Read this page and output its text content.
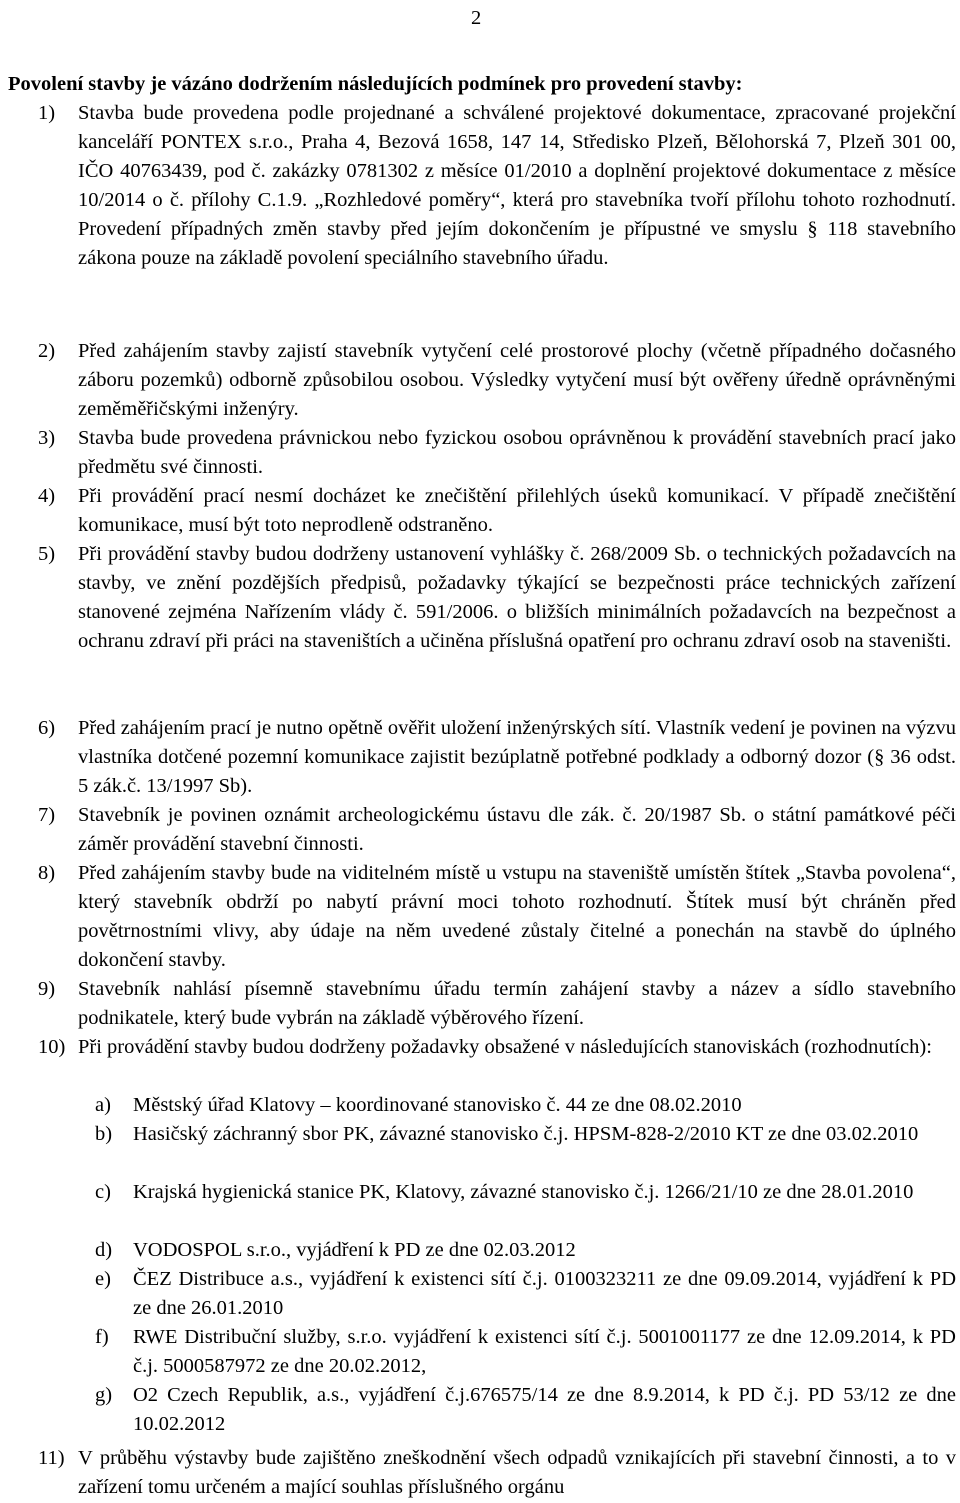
2
Povolení stavby je vázáno dodržením následujících podmínek pro provedení stavby:
1) Stavba bude provedena podle projednané a schválené projektové dokumentace, zpracované projekční kanceláří PONTEX s.r.o., Praha 4, Bezová 1658, 147 14, Středisko Plzeň, Bělohorská 7, Plzeň 301 00, IČO 40763439, pod č. zakázky 0781302 z měsíce 01/2010 a doplnění projektové dokumentace z měsíce 10/2014 o č. přílohy C.1.9. „Rozhledové poměry“, která pro stavebníka tvoří přílohu tohoto rozhodnutí. Provedení případných změn stavby před jejím dokončením je přípustné ve smyslu § 118 stavebního zákona pouze na základě povolení speciálního stavebního úřadu.
2) Před zahájením stavby zajistí stavebník vytyčení celé prostorové plochy (včetně případného dočasného záboru pozemků) odborně způsobilou osobou. Výsledky vytyčení musí být ověřeny úředně oprávněnými zeměměřičskými inženýry.
3) Stavba bude provedena právnickou nebo fyzickou osobou oprávněnou k provádění stavebních prací jako předmětu své činnosti.
4) Při provádění prací nesmí docházet ke znečištění přilehlých úseků komunikací. V případě znečištění komunikace, musí být toto neprodleně odstraněno.
5) Při provádění stavby budou dodrženy ustanovení vyhlášky č. 268/2009 Sb. o technických požadavcích na stavby, ve znění pozdějších předpisů, požadavky týkající se bezpečnosti práce technických zařízení stanovené zejména Nařízením vlády č. 591/2006. o bližších minimálních požadavcích na bezpečnost a ochranu zdraví při práci na staveništích a učiněna příslušná opatření pro ochranu zdraví osob na staveništi.
6) Před zahájením prací je nutno opětně ověřit uložení inženýrských sítí. Vlastník vedení je povinen na výzvu vlastníka dotčené pozemní komunikace zajistit bezúplatně potřebné podklady a odborný dozor (§ 36 odst. 5 zák.č. 13/1997 Sb).
7) Stavebník je povinen oznámit archeologickému ústavu dle zák. č. 20/1987 Sb. o státní památkové péči záměr provádění stavební činnosti.
8) Před zahájením stavby bude na viditelném místě u vstupu na staveniště umístěn štítek „Stavba povolena“, který stavebník obdrží po nabytí právní moci tohoto rozhodnutí. Štítek musí být chráněn před povětrnostními vlivy, aby údaje na něm uvedené zůstaly čitelné a ponechán na stavbě do úplného dokončení stavby.
9) Stavebník nahlásí písemně stavebnímu úřadu termín zahájení stavby a název a sídlo stavebního podnikatele, který bude vybrán na základě výběrového řízení.
10) Při provádění stavby budou dodrženy požadavky obsažené v následujících stanoviskách (rozhodnutích):
a) Městský úřad Klatovy – koordinované stanovisko č. 44 ze dne 08.02.2010
b) Hasičský záchranný sbor PK, závazné stanovisko č.j. HPSM-828-2/2010 KT ze dne 03.02.2010
c) Krajská hygienická stanice PK, Klatovy, závazné stanovisko č.j. 1266/21/10 ze dne 28.01.2010
d) VODOSPOL s.r.o., vyjádření k PD ze dne 02.03.2012
e) ČEZ Distribuce a.s., vyjádření k existenci sítí č.j. 0100323211 ze dne 09.09.2014, vyjádření k PD ze dne 26.01.2010
f) RWE Distribuční služby, s.r.o. vyjádření k existenci sítí č.j. 5001001177 ze dne 12.09.2014, k PD č.j. 5000587972 ze dne 20.02.2012,
g) O2 Czech Republik, a.s., vyjádření č.j.676575/14 ze dne 8.9.2014, k PD č.j. PD 53/12 ze dne 10.02.2012
11) V průběhu výstavby bude zajištěno zneškodnění všech odpadů vznikajících při stavební činnosti, a to v zařízení tomu určeném a mající souhlas příslušného orgánu
